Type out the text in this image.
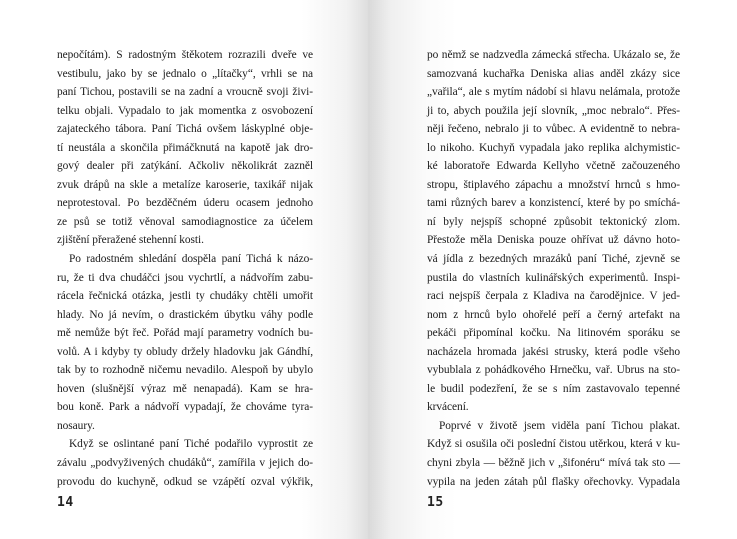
nepočítám). S radostným štěkotem rozrazili dveře ve
vestibulu, jako by se jednalo o „lítačky“, vrhli se na
paní Tichou, postavili se na zadní a vroucně svoji živi-
telku objali. Vypadalo to jak momentka z osvobození
zajateckého tábora. Paní Tichá ovšem láskyplné obje-
tí neustála a skončila přimáčknutá na kapotě jak dro-
gový dealer při zatýkání. Ačkoliv několikrát zazněl
zvuk drápů na skle a metalíze karoserie, taxikář nijak
neprotestoval. Po bezděčném úderu ocasem jednoho
ze psů se totiž věnoval samodiagnostice za účelem
zjištění přeražené stehenní kosti.
Po radostném shledání dospěla paní Tichá k názo-
ru, že ti dva chudáčci jsou vychrtlí, a nádvořím zabu-
rácela řečnická otázka, jestli ty chudáky chtěli umořit
hlady. No já nevím, o drastickém úbytku váhy podle
mě nemůže být řeč. Pořád mají parametry vodních bu-
volů. A i kdyby ty obludy držely hladovku jak Gándhí,
tak by to rozhodně ničemu nevadilo. Alespoň by ubylo
hoven (slušnější výraz mě nenapadá). Kam se hra-
bou koně. Park a nádvoří vypadají, že chováme tyra-
nosaury.
Když se oslintané paní Tiché podařilo vyprostit ze
závalu „podvyživených chudáků“, zamířila v jejich do-
provodu do kuchyně, odkud se vzápětí ozval výkřik,
14
po němž se nadzvedla zámecká střecha. Ukázalo se, že
samozvaná kuchařka Deniska alias anděl zkázy sice
„vařila“, ale s mytím nádobí si hlavu nelámala, protože
ji to, abych použila její slovník, „moc nebralo“. Přes-
něji řečeno, nebralo ji to vůbec. A evidentně to nebra-
lo nikoho. Kuchyň vypadala jako replika alchymistic-
ké laboratoře Edwarda Kellyho včetně začouzeného
stropu, štiplavého zápachu a množství hrnců s hmo-
tami různých barev a konzistencí, které by po smíchá-
ní byly nejspíš schopné způsobit tektonický zlom.
Přestože měla Deniska pouze ohřívat už dávno hoto-
vá jídla z bezedných mrazáků paní Tiché, zjevně se
pustila do vlastních kulinářských experimentů. Inspi-
raci nejspíš čerpala z Kladiva na čarodějnice. V jed-
nom z hrnců bylo ohořelé peří a černý artefakt na
pekáči připomínal kočku. Na litinovém sporáku se
nacházela hromada jakési strusky, která podle všeho
vybublala z pohádkového Hrnečku, vař. Ubrus na sto-
le budil podezření, že se s ním zastavovalo tepenné
krvácení.
Poprvé v životě jsem viděla paní Tichou plakat.
Když si osušila oči poslední čistou utěrkou, která v ku-
chyni zbyla — běžně jich v „šifonéru“ mívá tak sto —
vypila na jeden zátah půl flašky ořechovky. Vypadala
15
